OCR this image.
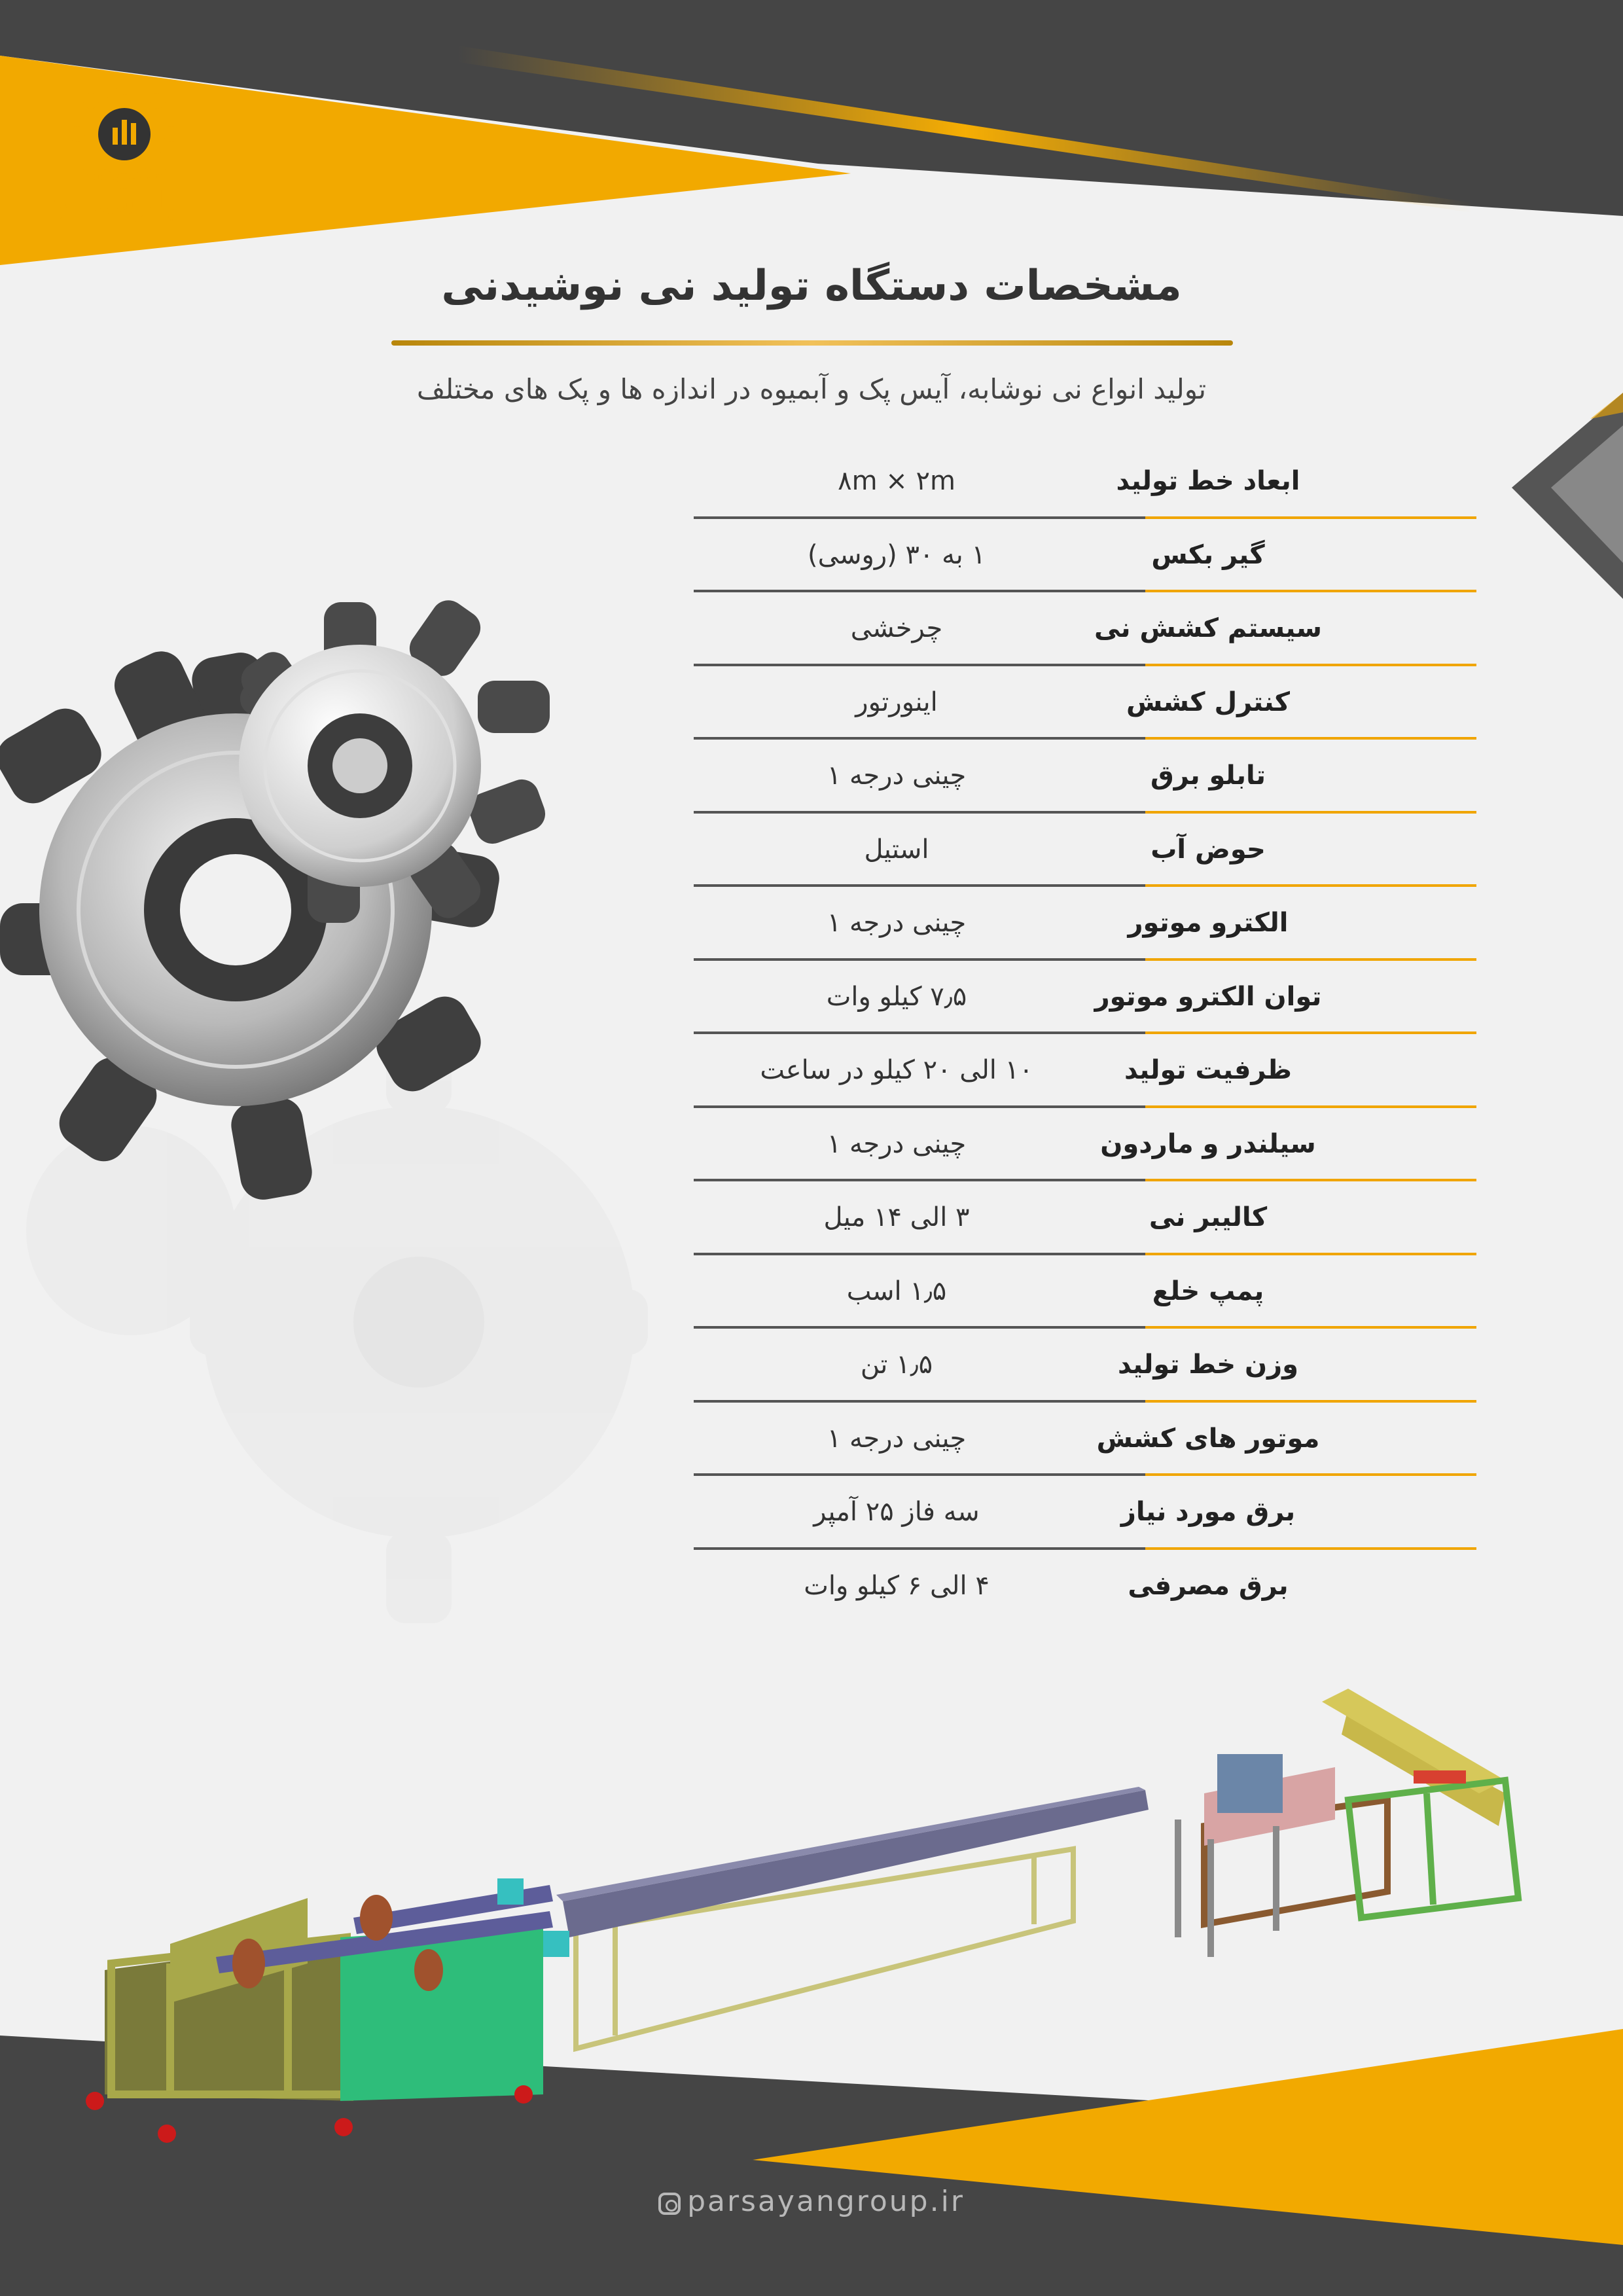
گروه صنعتی و بازرگانی
پارسایان
مشخصات دستگاه تولید نی نوشیدنی
تولید انواع نی نوشابه، آیس پک و آبمیوه در اندازه ها و پک های مختلف
۸m × ۲m	ابعاد خط تولید
۱ به ۳۰ (روسی)	گیر بکس
چرخشی	سیستم کشش نی
اینورتور	کنترل کشش
چینی درجه ۱	تابلو برق
استیل	حوض آب
چینی درجه ۱	الکترو موتور
۷٫۵ کیلو وات	توان الکترو موتور
۱۰ الی ۲۰ کیلو در ساعت	ظرفیت تولید
چینی درجه ۱	سیلندر و ماردون
۳ الی ۱۴ میل	کالیبر نی
۱٫۵ اسب	پمپ خلع
۱٫۵ تن	وزن خط تولید
چینی درجه ۱	موتور های کشش
سه فاز ۲۵ آمپر	برق مورد نیاز
۴ الی ۶ کیلو وات	برق مصرفی
parsayangroup.ir
